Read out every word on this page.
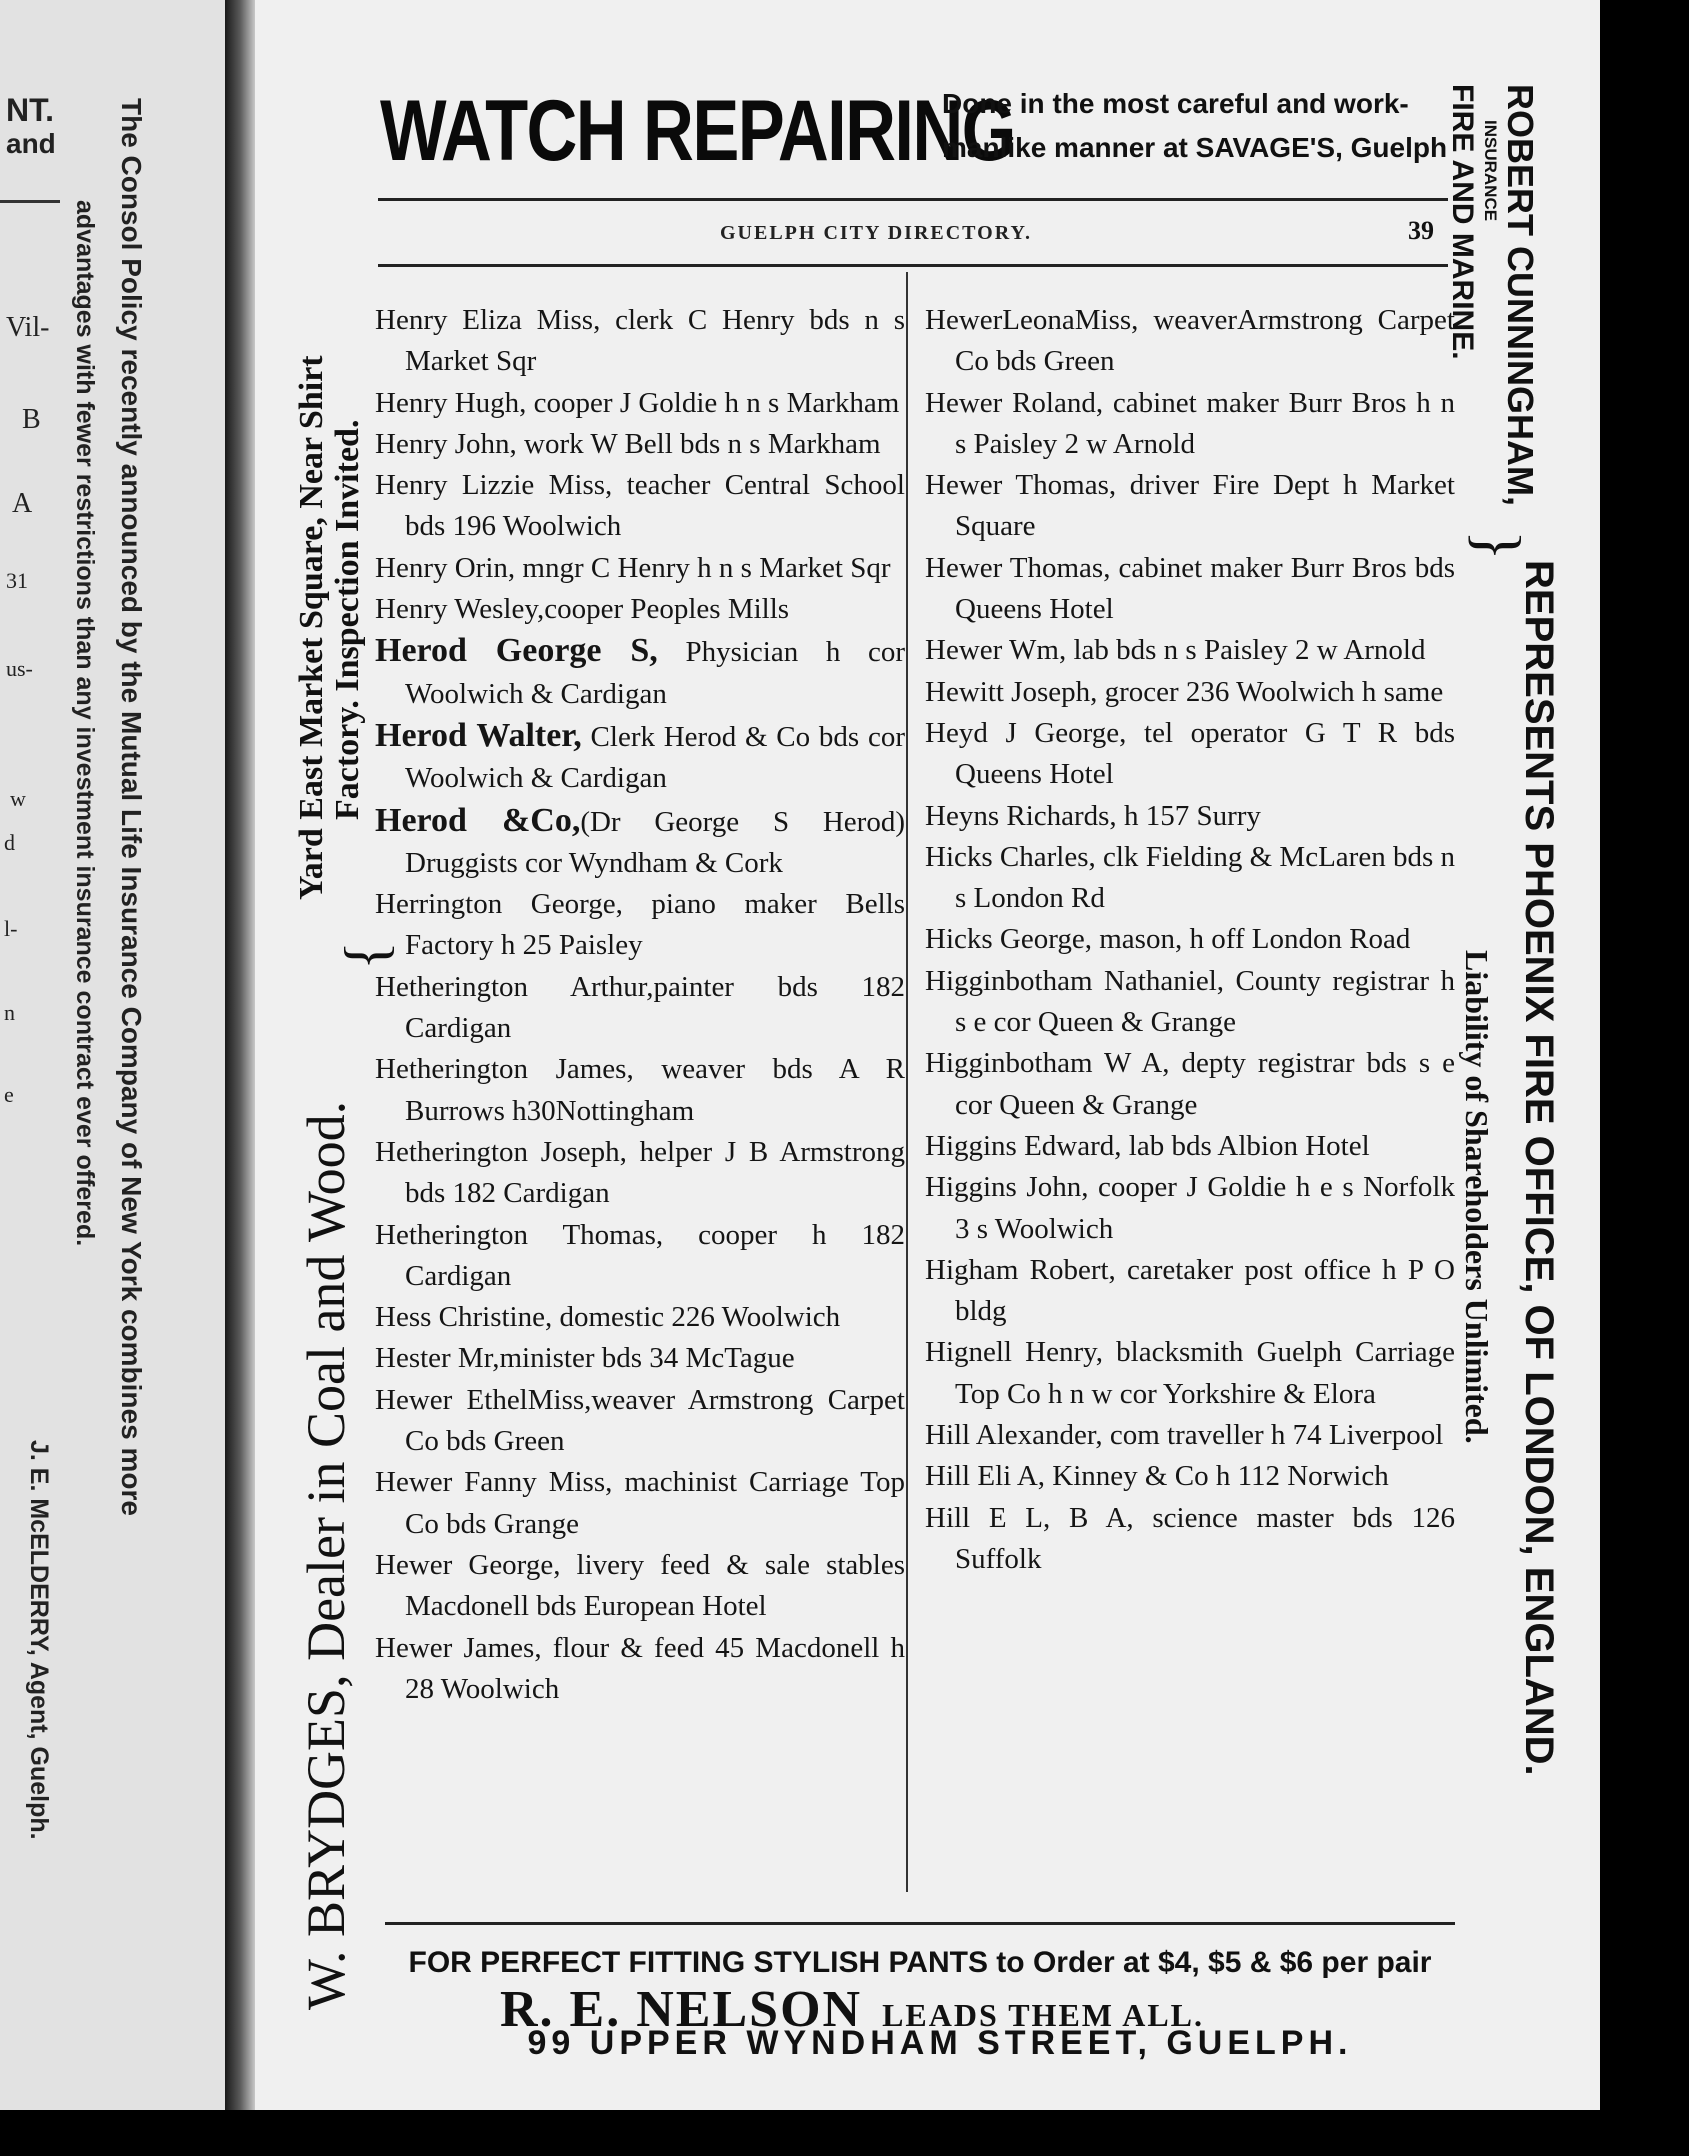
NT.
and
Vil-
B
A
31
us-
w
d
l-
n
e	The Consol Policy recently announced by the Mutual Life Insurance Company of New York combines more
advantages with fewer restrictions than any investment insurance contract ever offered.
J. E. McELDERRY, Agent, Guelph.
WATCH REPAIRING
Done in the most careful and work-manlike manner at SAVAGE'S, Guelph
GUELPH CITY DIRECTORY.	39
W. BRYDGES, Dealer in Coal and Wood.
{
Yard East Market Square, Near Shirt Factory. Inspection Invited.
ROBERT CUNNINGHAM,
INSURANCE
FIRE AND MARINE.
}
REPRESENTS PHOENIX FIRE OFFICE, OF LONDON, ENGLAND.
Liability of Shareholders Unlimited.
Henry Eliza Miss, clerk C Henry bds n s Market Sqr
Henry Hugh, cooper J Goldie h n s Markham
Henry John, work W Bell bds n s Markham
Henry Lizzie Miss, teacher Central School bds 196 Woolwich
Henry Orin, mngr C Henry h n s Market Sqr
Henry Wesley,cooper Peoples Mills
Herod George S, Physician h cor Woolwich & Cardigan
Herod Walter, Clerk Herod & Co bds cor Woolwich & Cardigan
Herod &Co,(Dr George S Herod) Druggists cor Wyndham & Cork
Herrington George, piano maker Bells Factory h 25 Paisley
Hetherington Arthur,painter bds 182 Cardigan
Hetherington James, weaver bds A R Burrows h30Nottingham
Hetherington Joseph, helper J B Armstrong bds 182 Cardigan
Hetherington Thomas, cooper h 182 Cardigan
Hess Christine, domestic 226 Woolwich
Hester Mr,minister bds 34 McTague
Hewer EthelMiss,weaver Armstrong Carpet Co bds Green
Hewer Fanny Miss, machinist Carriage Top Co bds Grange
Hewer George, livery feed & sale stables Macdonell bds European Hotel
Hewer James, flour & feed 45 Macdonell h 28 Woolwich
HewerLeonaMiss, weaverArmstrong Carpet Co bds Green
Hewer Roland, cabinet maker Burr Bros h n s Paisley 2 w Arnold
Hewer Thomas, driver Fire Dept h Market Square
Hewer Thomas, cabinet maker Burr Bros bds Queens Hotel
Hewer Wm, lab bds n s Paisley 2 w Arnold
Hewitt Joseph, grocer 236 Woolwich h same
Heyd J George, tel operator G T R bds Queens Hotel
Heyns Richards, h 157 Surry
Hicks Charles, clk Fielding & McLaren bds n s London Rd
Hicks George, mason, h off London Road
Higginbotham Nathaniel, County registrar h s e cor Queen & Grange
Higginbotham W A, depty registrar bds s e cor Queen & Grange
Higgins Edward, lab bds Albion Hotel
Higgins John, cooper J Goldie h e s Norfolk 3 s Woolwich
Higham Robert, caretaker post office h P O bldg
Hignell Henry, blacksmith Guelph Carriage Top Co h n w cor Yorkshire & Elora
Hill Alexander, com traveller h 74 Liverpool
Hill Eli A, Kinney & Co h 112 Norwich
Hill E L, B A, science master bds 126 Suffolk
FOR PERFECT FITTING STYLISH PANTS to Order at $4, $5 & $6 per pair
R. E. NELSON LEADS THEM ALL.
99 UPPER WYNDHAM STREET, GUELPH.
